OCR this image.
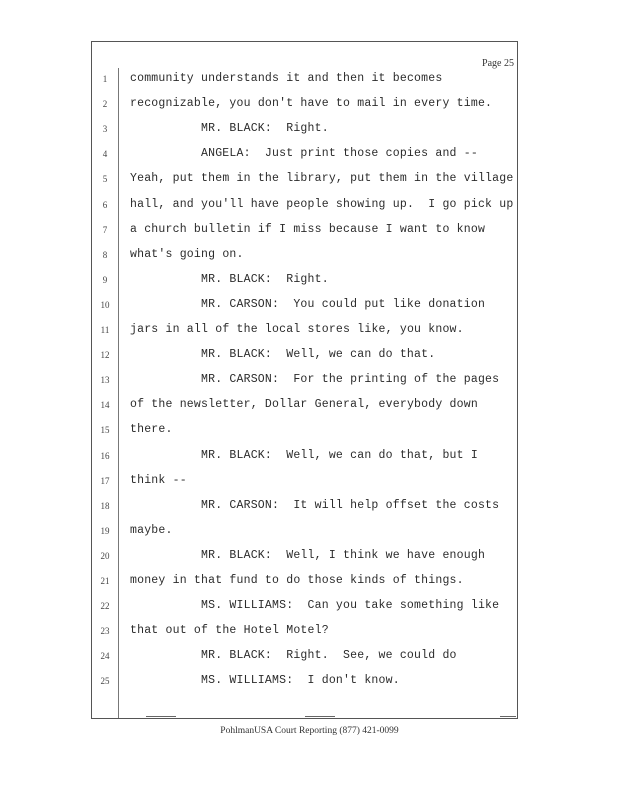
Page 25
1	community understands it and then it becomes
2	recognizable, you don't have to mail in every time.
3	MR. BLACK:  Right.
4	ANGELA:  Just print those copies and --
5	Yeah, put them in the library, put them in the village
6	hall, and you'll have people showing up.  I go pick up
7	a church bulletin if I miss because I want to know
8	what's going on.
9	MR. BLACK:  Right.
10	MR. CARSON:  You could put like donation
11	jars in all of the local stores like, you know.
12	MR. BLACK:  Well, we can do that.
13	MR. CARSON:  For the printing of the pages
14	of the newsletter, Dollar General, everybody down
15	there.
16	MR. BLACK:  Well, we can do that, but I
17	think --
18	MR. CARSON:  It will help offset the costs
19	maybe.
20	MR. BLACK:  Well, I think we have enough
21	money in that fund to do those kinds of things.
22	MS. WILLIAMS:  Can you take something like
23	that out of the Hotel Motel?
24	MR. BLACK:  Right.  See, we could do
25	MS. WILLIAMS:  I don't know.
PohlmanUSA Court Reporting (877) 421-0099
